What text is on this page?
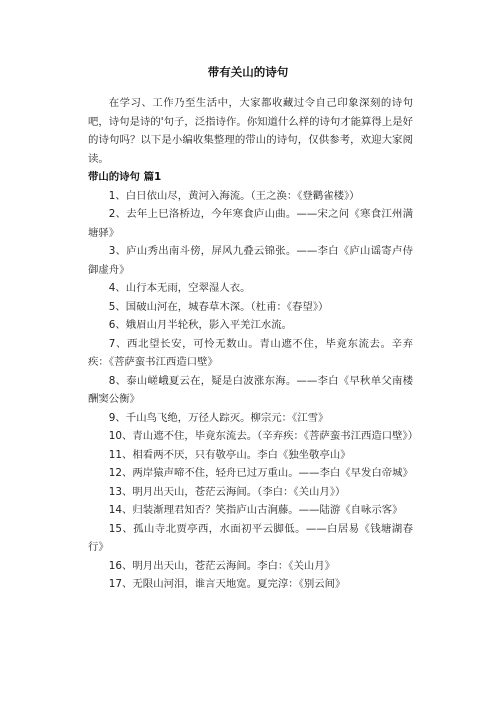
带有关山的诗句

在学习、工作乃至生活中，大家都收藏过令自己印象深刻的诗句吧，诗句是诗的'句子，泛指诗作。你知道什么样的诗句才能算得上是好的诗句吗？以下是小编收集整理的带山的诗句，仅供参考，欢迎大家阅读。

带山的诗句 篇1

1、白日依山尽，黄河入海流。（王之涣：《登鹳雀楼》）

2、去年上巳洛桥边，今年寒食庐山曲。——宋之问《寒食江州满塘驿》

3、庐山秀出南斗傍，屏风九叠云锦张。——李白《庐山谣寄卢侍御虚舟》

4、山行本无雨，空翠湿人衣。

5、国破山河在，城春草木深。（杜甫：《春望》）

6、娥眉山月半轮秋，影入平羌江水流。

7、西北望长安，可怜无数山。青山遮不住，毕竟东流去。辛弃疾：《菩萨蛮书江西造口壁》

8、泰山嵯峨夏云在，疑是白波涨东海。——李白《早秋单父南楼酬窦公衡》

9、千山鸟飞绝，万径人踪灭。柳宗元：《江雪》

10、青山遮不住，毕竟东流去。（辛弃疾：《菩萨蛮书江西造口壁》）

11、相看两不厌，只有敬亭山。李白《独坐敬亭山》

12、两岸猿声啼不住，轻舟已过万重山。——李白《早发白帝城》

13、明月出天山，苍茫云海间。（李白：《关山月》）

14、归装渐理君知否？笑指庐山古涧藤。——陆游《自咏示客》

15、孤山寺北贾亭西，水面初平云脚低。——白居易《钱塘湖春行》

16、明月出天山，苍茫云海间。李白：《关山月》

17、无限山河泪，谁言天地宽。夏完淳：《别云间》
